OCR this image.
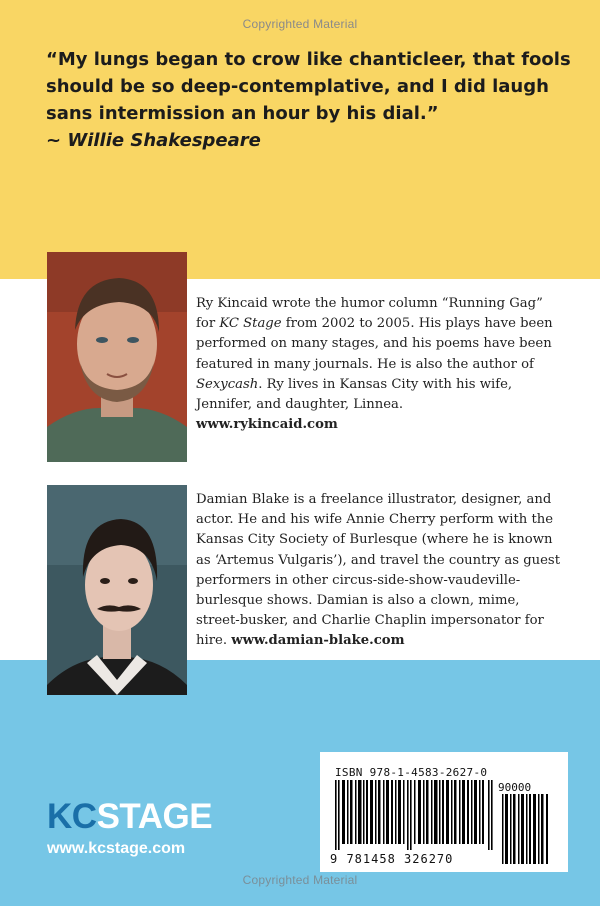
Copyrighted Material
“My lungs began to crow like chanticleer, that fools should be so deep-contemplative, and I did laugh sans intermission an hour by his dial.”
~ Willie Shakespeare
Ry Kincaid wrote the humor column “Running Gag” for KC Stage from 2002 to 2005. His plays have been performed on many stages, and his poems have been featured in many journals. He is also the author of Sexycash. Ry lives in Kansas City with his wife, Jennifer, and daughter, Linnea.
www.rykincaid.com
Damian Blake is a freelance illustrator, designer, and actor. He and his wife Annie Cherry perform with the Kansas City Society of Burlesque (where he is known as ‘Artemus Vulgaris’), and travel the country as guest performers in other circus-side-show-vaudeville-burlesque shows. Damian is also a clown, mime, street-busker, and Charlie Chaplin impersonator for hire. www.damian-blake.com
KCSTAGE
www.kcstage.com
ISBN 978-1-4583-2627-0
90000
9 781458 326270
Copyrighted Material
